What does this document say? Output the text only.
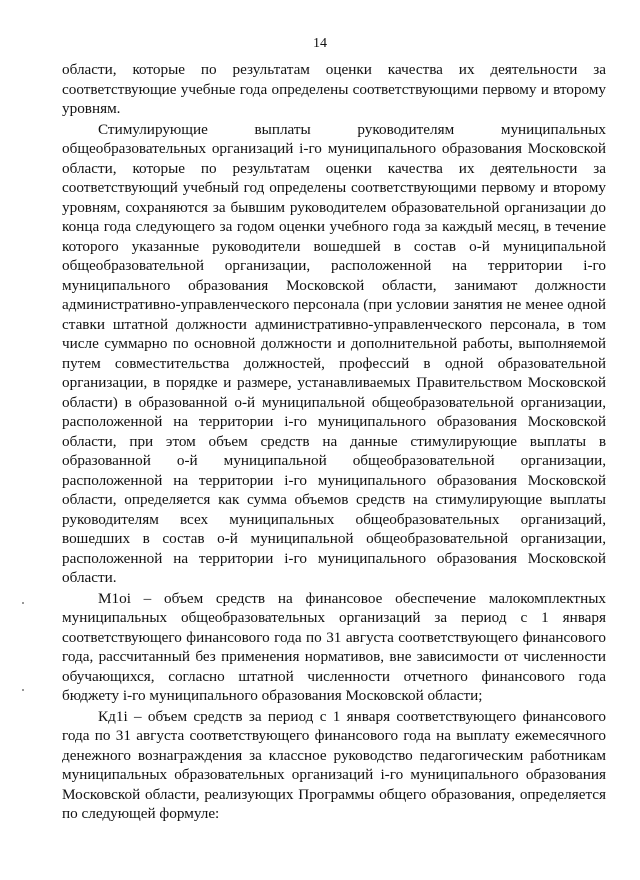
14

области, которые по результатам оценки качества их деятельности за соответствующие учебные года определены соответствующими первому и второму уровням.

Стимулирующие выплаты руководителям муниципальных общеобразовательных организаций i-го муниципального образования Московской области, которые по результатам оценки качества их деятельности за соответствующий учебный год определены соответствующими первому и второму уровням, сохраняются за бывшим руководителем образовательной организации до конца года следующего за годом оценки учебного года за каждый месяц, в течение которого указанные руководители вошедшей в состав о-й муниципальной общеобразовательной организации, расположенной на территории i-го муниципального образования Московской области, занимают должности административно-управленческого персонала (при условии занятия не менее одной ставки штатной должности административно-управленческого персонала, в том числе суммарно по основной должности и дополнительной работы, выполняемой путем совместительства должностей, профессий в одной образовательной организации, в порядке и размере, устанавливаемых Правительством Московской области) в образованной о-й муниципальной общеобразовательной организации, расположенной на территории i-го муниципального образования Московской области, при этом объем средств на данные стимулирующие выплаты в образованной о-й муниципальной общеобразовательной организации, расположенной на территории i-го муниципального образования Московской области, определяется как сумма объемов средств на стимулирующие выплаты руководителям всех муниципальных общеобразовательных организаций, вошедших в состав о-й муниципальной общеобразовательной организации, расположенной на территории i-го муниципального образования Московской области.

М1оi – объем средств на финансовое обеспечение малокомплектных муниципальных общеобразовательных организаций за период с 1 января соответствующего финансового года по 31 августа соответствующего финансового года, рассчитанный без применения нормативов, вне зависимости от численности обучающихся, согласно штатной численности отчетного финансового года бюджету i-го муниципального образования Московской области;

Кд1i – объем средств за период с 1 января соответствующего финансового года по 31 августа соответствующего финансового года на выплату ежемесячного денежного вознаграждения за классное руководство педагогическим работникам муниципальных образовательных организаций i-го муниципального образования Московской области, реализующих Программы общего образования, определяется по следующей формуле:
